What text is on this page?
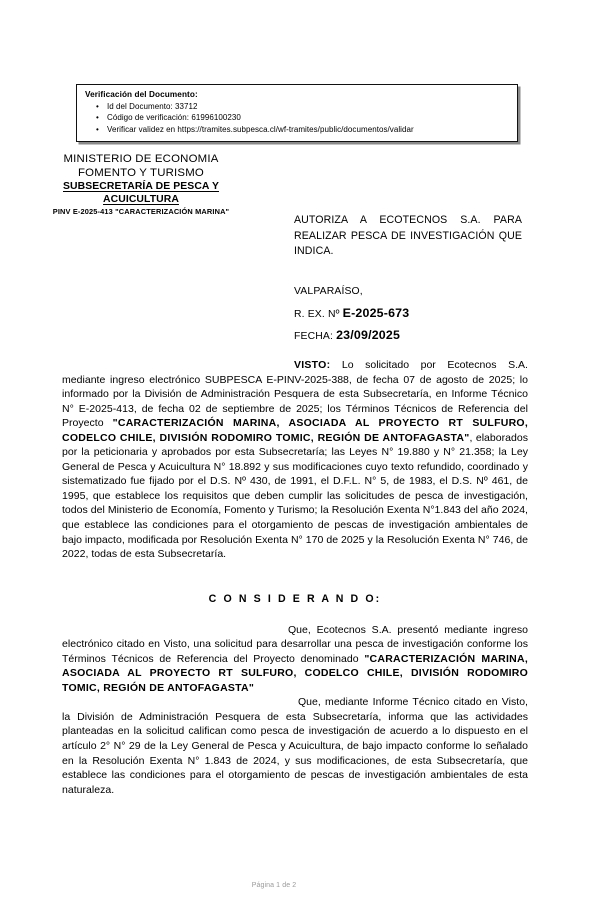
Verificación del Documento:
• Id del Documento: 33712
• Código de verificación: 61996100230
• Verificar validez en https://tramites.subpesca.cl/wf-tramites/public/documentos/validar
MINISTERIO DE ECONOMIA
FOMENTO Y TURISMO
SUBSECRETARÍA DE PESCA Y
ACUICULTURA
PINV E-2025-413 "CARACTERIZACIÓN MARINA"
AUTORIZA A ECOTECNOS S.A. PARA REALIZAR PESCA DE INVESTIGACIÓN QUE INDICA.
VALPARAÍSO,
R. EX. Nº E-2025-673
FECHA: 23/09/2025

VISTO: Lo solicitado por Ecotecnos S.A. mediante ingreso electrónico SUBPESCA E-PINV-2025-388, de fecha 07 de agosto de 2025; lo informado por la División de Administración Pesquera de esta Subsecretaría, en Informe Técnico N° E-2025-413, de fecha 02 de septiembre de 2025; los Términos Técnicos de Referencia del Proyecto "CARACTERIZACIÓN MARINA, ASOCIADA AL PROYECTO RT SULFURO, CODELCO CHILE, DIVISIÓN RODOMIRO TOMIC, REGIÓN DE ANTOFAGASTA", elaborados por la peticionaria y aprobados por esta Subsecretaría; las Leyes N° 19.880 y N° 21.358; la Ley General de Pesca y Acuicultura N° 18.892 y sus modificaciones cuyo texto refundido, coordinado y sistematizado fue fijado por el D.S. Nº 430, de 1991, el D.F.L. N° 5, de 1983, el D.S. Nº 461, de 1995, que establece los requisitos que deben cumplir las solicitudes de pesca de investigación, todos del Ministerio de Economía, Fomento y Turismo; la Resolución Exenta N°1.843 del año 2024, que establece las condiciones para el otorgamiento de pescas de investigación ambientales de bajo impacto, modificada por Resolución Exenta N° 170 de 2025 y la Resolución Exenta N° 746, de 2022, todas de esta Subsecretaría.

C O N S I D E R A N D O:

Que, Ecotecnos S.A. presentó mediante ingreso electrónico citado en Visto, una solicitud para desarrollar una pesca de investigación conforme los Términos Técnicos de Referencia del Proyecto denominado "CARACTERIZACIÓN MARINA, ASOCIADA AL PROYECTO RT SULFURO, CODELCO CHILE, DIVISIÓN RODOMIRO TOMIC, REGIÓN DE ANTOFAGASTA"

Que, mediante Informe Técnico citado en Visto, la División de Administración Pesquera de esta Subsecretaría, informa que las actividades planteadas en la solicitud califican como pesca de investigación de acuerdo a lo dispuesto en el artículo 2° N° 29 de la Ley General de Pesca y Acuicultura, de bajo impacto conforme lo señalado en la Resolución Exenta N° 1.843 de 2024, y sus modificaciones, de esta Subsecretaría, que establece las condiciones para el otorgamiento de pescas de investigación ambientales de esta naturaleza.

Página 1 de 2
